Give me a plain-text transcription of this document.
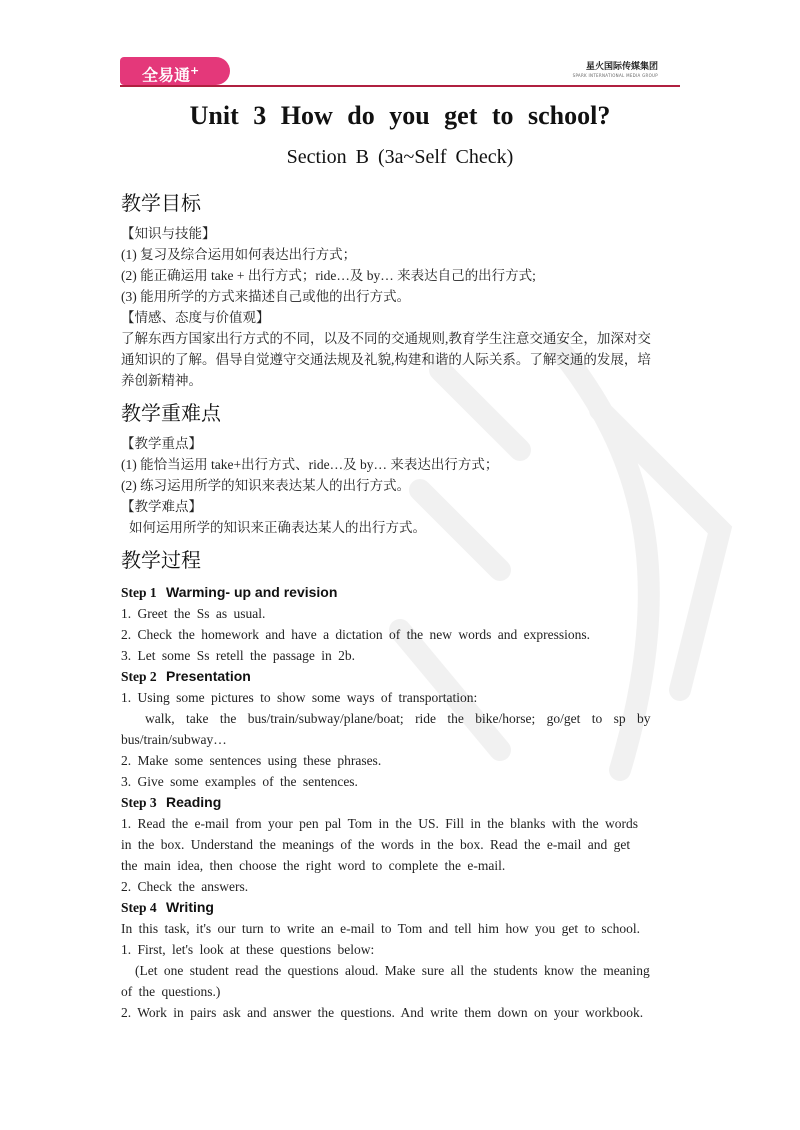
全易通+	星火国际传媒集团
SPARK INTERNATIONAL MEDIA GROUP
Unit 3 How do you get to school?
Section B (3a~Self Check)
教学目标
【知识与技能】
(1) 复习及综合运用如何表达出行方式；
(2) 能正确运用 take + 出行方式；ride…及 by… 来表达自己的出行方式;
(3) 能用所学的方式来描述自己或他的出行方式。
【情感、态度与价值观】
了解东西方国家出行方式的不同，以及不同的交通规则,教育学生注意交通安全，加深对交
通知识的了解。倡导自觉遵守交通法规及礼貌,构建和谐的人际关系。了解交通的发展，培
养创新精神。
教学重难点
【教学重点】
(1) 能恰当运用 take+出行方式、ride…及 by… 来表达出行方式；
(2) 练习运用所学的知识来表达某人的出行方式。
【教学难点】
如何运用所学的知识来正确表达某人的出行方式。
教学过程
Step 1 Warming- up and revision
1. Greet the Ss as usual.
2. Check the homework and have a dictation of the new words and expressions.
3. Let some Ss retell the passage in 2b.
Step 2 Presentation
1. Using some pictures to show some ways of transportation:
walk, take the bus/train/subway/plane/boat; ride the bike/horse; go/get to sp by
bus/train/subway…
2. Make some sentences using these phrases.
3. Give some examples of the sentences.
Step 3 Reading
1. Read the e-mail from your pen pal Tom in the US. Fill in the blanks with the words
in the box. Understand the meanings of the words in the box. Read the e-mail and get
the main idea, then choose the right word to complete the e-mail.
2. Check the answers.
Step 4 Writing
In this task, it's our turn to write an e-mail to Tom and tell him how you get to school.
1. First, let's look at these questions below:
(Let one student read the questions aloud. Make sure all the students know the meaning
of the questions.)
2. Work in pairs ask and answer the questions. And write them down on your workbook.
